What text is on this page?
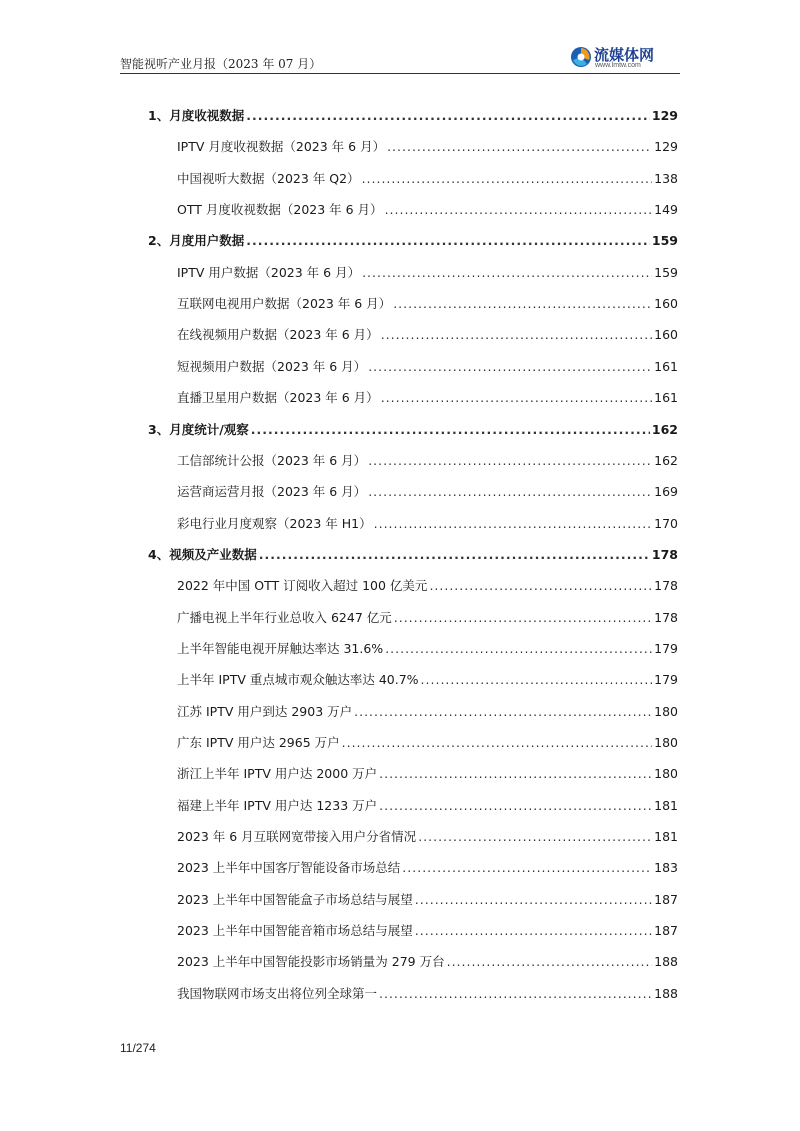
智能视听产业月报（2023 年 07 月）	流媒体网
www.lmtw.com
1、月度收视数据 .....	129
IPTV 月度收视数据（2023 年 6 月） .....	129
中国视听大数据（2023 年 Q2） .....	138
OTT 月度收视数据（2023 年 6 月） .....	149
2、月度用户数据 .....	159
IPTV 用户数据（2023 年 6 月） .....	159
互联网电视用户数据（2023 年 6 月） .....	160
在线视频用户数据（2023 年 6 月） .....	160
短视频用户数据（2023 年 6 月） .....	161
直播卫星用户数据（2023 年 6 月） .....	161
3、月度统计/观察 .....	162
工信部统计公报（2023 年 6 月） .....	162
运营商运营月报（2023 年 6 月） .....	169
彩电行业月度观察（2023 年 H1） .....	170
4、视频及产业数据 .....	178
2022 年中国 OTT 订阅收入超过 100 亿美元 .....	178
广播电视上半年行业总收入 6247 亿元 .....	178
上半年智能电视开屏触达率达 31.6% .....	179
上半年 IPTV 重点城市观众触达率达 40.7% .....	179
江苏 IPTV 用户到达 2903 万户 .....	180
广东 IPTV 用户达 2965 万户 .....	180
浙江上半年 IPTV 用户达 2000 万户 .....	180
福建上半年 IPTV 用户达 1233 万户 .....	181
2023 年 6 月互联网宽带接入用户分省情况 .....	181
2023 上半年中国客厅智能设备市场总结 .....	183
2023 上半年中国智能盒子市场总结与展望 .....	187
2023 上半年中国智能音箱市场总结与展望 .....	187
2023 上半年中国智能投影市场销量为 279 万台 .....	188
我国物联网市场支出将位列全球第一 .....	188
11/274
